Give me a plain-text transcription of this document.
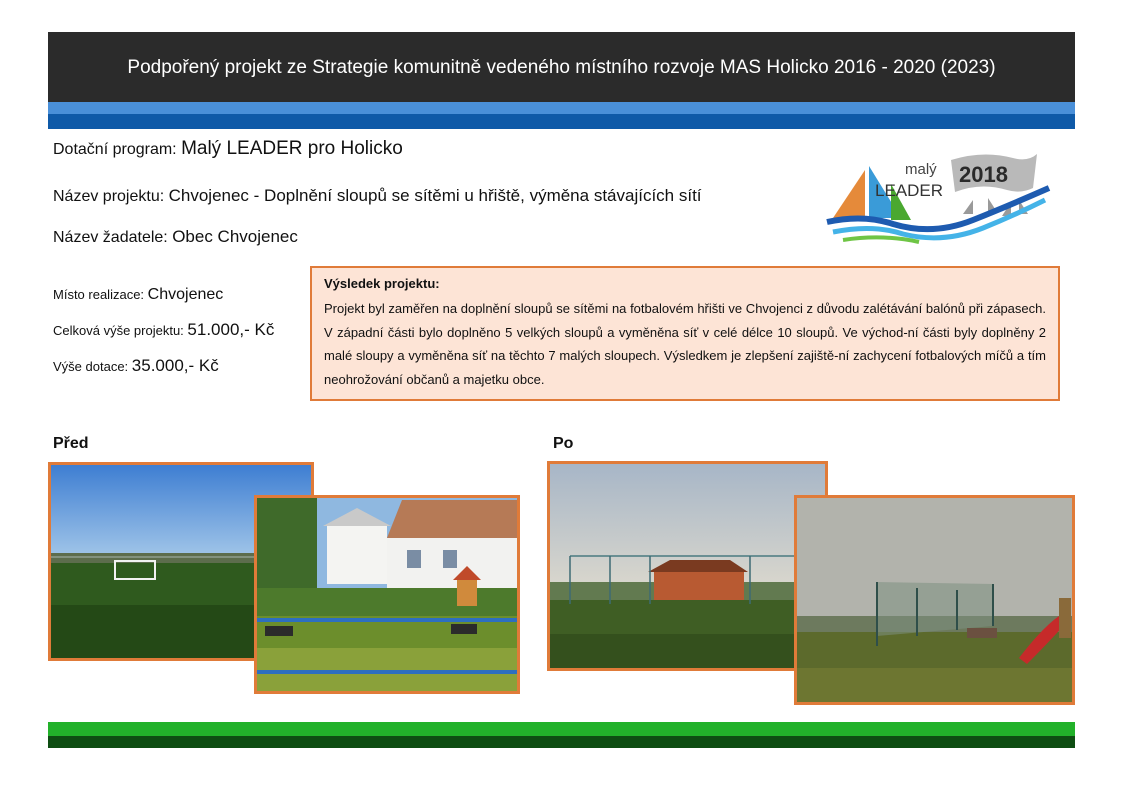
Podpořený projekt ze Strategie komunitně vedeného místního rozvoje MAS Holicko 2016 - 2020 (2023)
Dotační program: Malý LEADER pro Holicko
Název projektu: Chvojenec - Doplnění sloupů se sítěmi u hřiště, výměna stávajících sítí
Název žadatele: Obec Chvojenec
Místo realizace: Chvojenec
Celková výše projektu: 51.000,- Kč
Výše dotace: 35.000,- Kč
Výsledek projektu:
Projekt byl zaměřen na doplnění sloupů se sítěmi na fotbalovém hřišti ve Chvojenci z důvodu zalétávání balónů při zápasech. V západní části bylo doplněno 5 velkých sloupů a vyměněna síť v celé délce 10 sloupů. Ve východ-ní části byly doplněny 2 malé sloupy a vyměněna síť na těchto 7 malých sloupech. Výsledkem je zlepšení zajiště-ní zachycení fotbalových míčů a tím neohrožování občanů a majetku obce.
malý
LEADER
2018
Před	Po
